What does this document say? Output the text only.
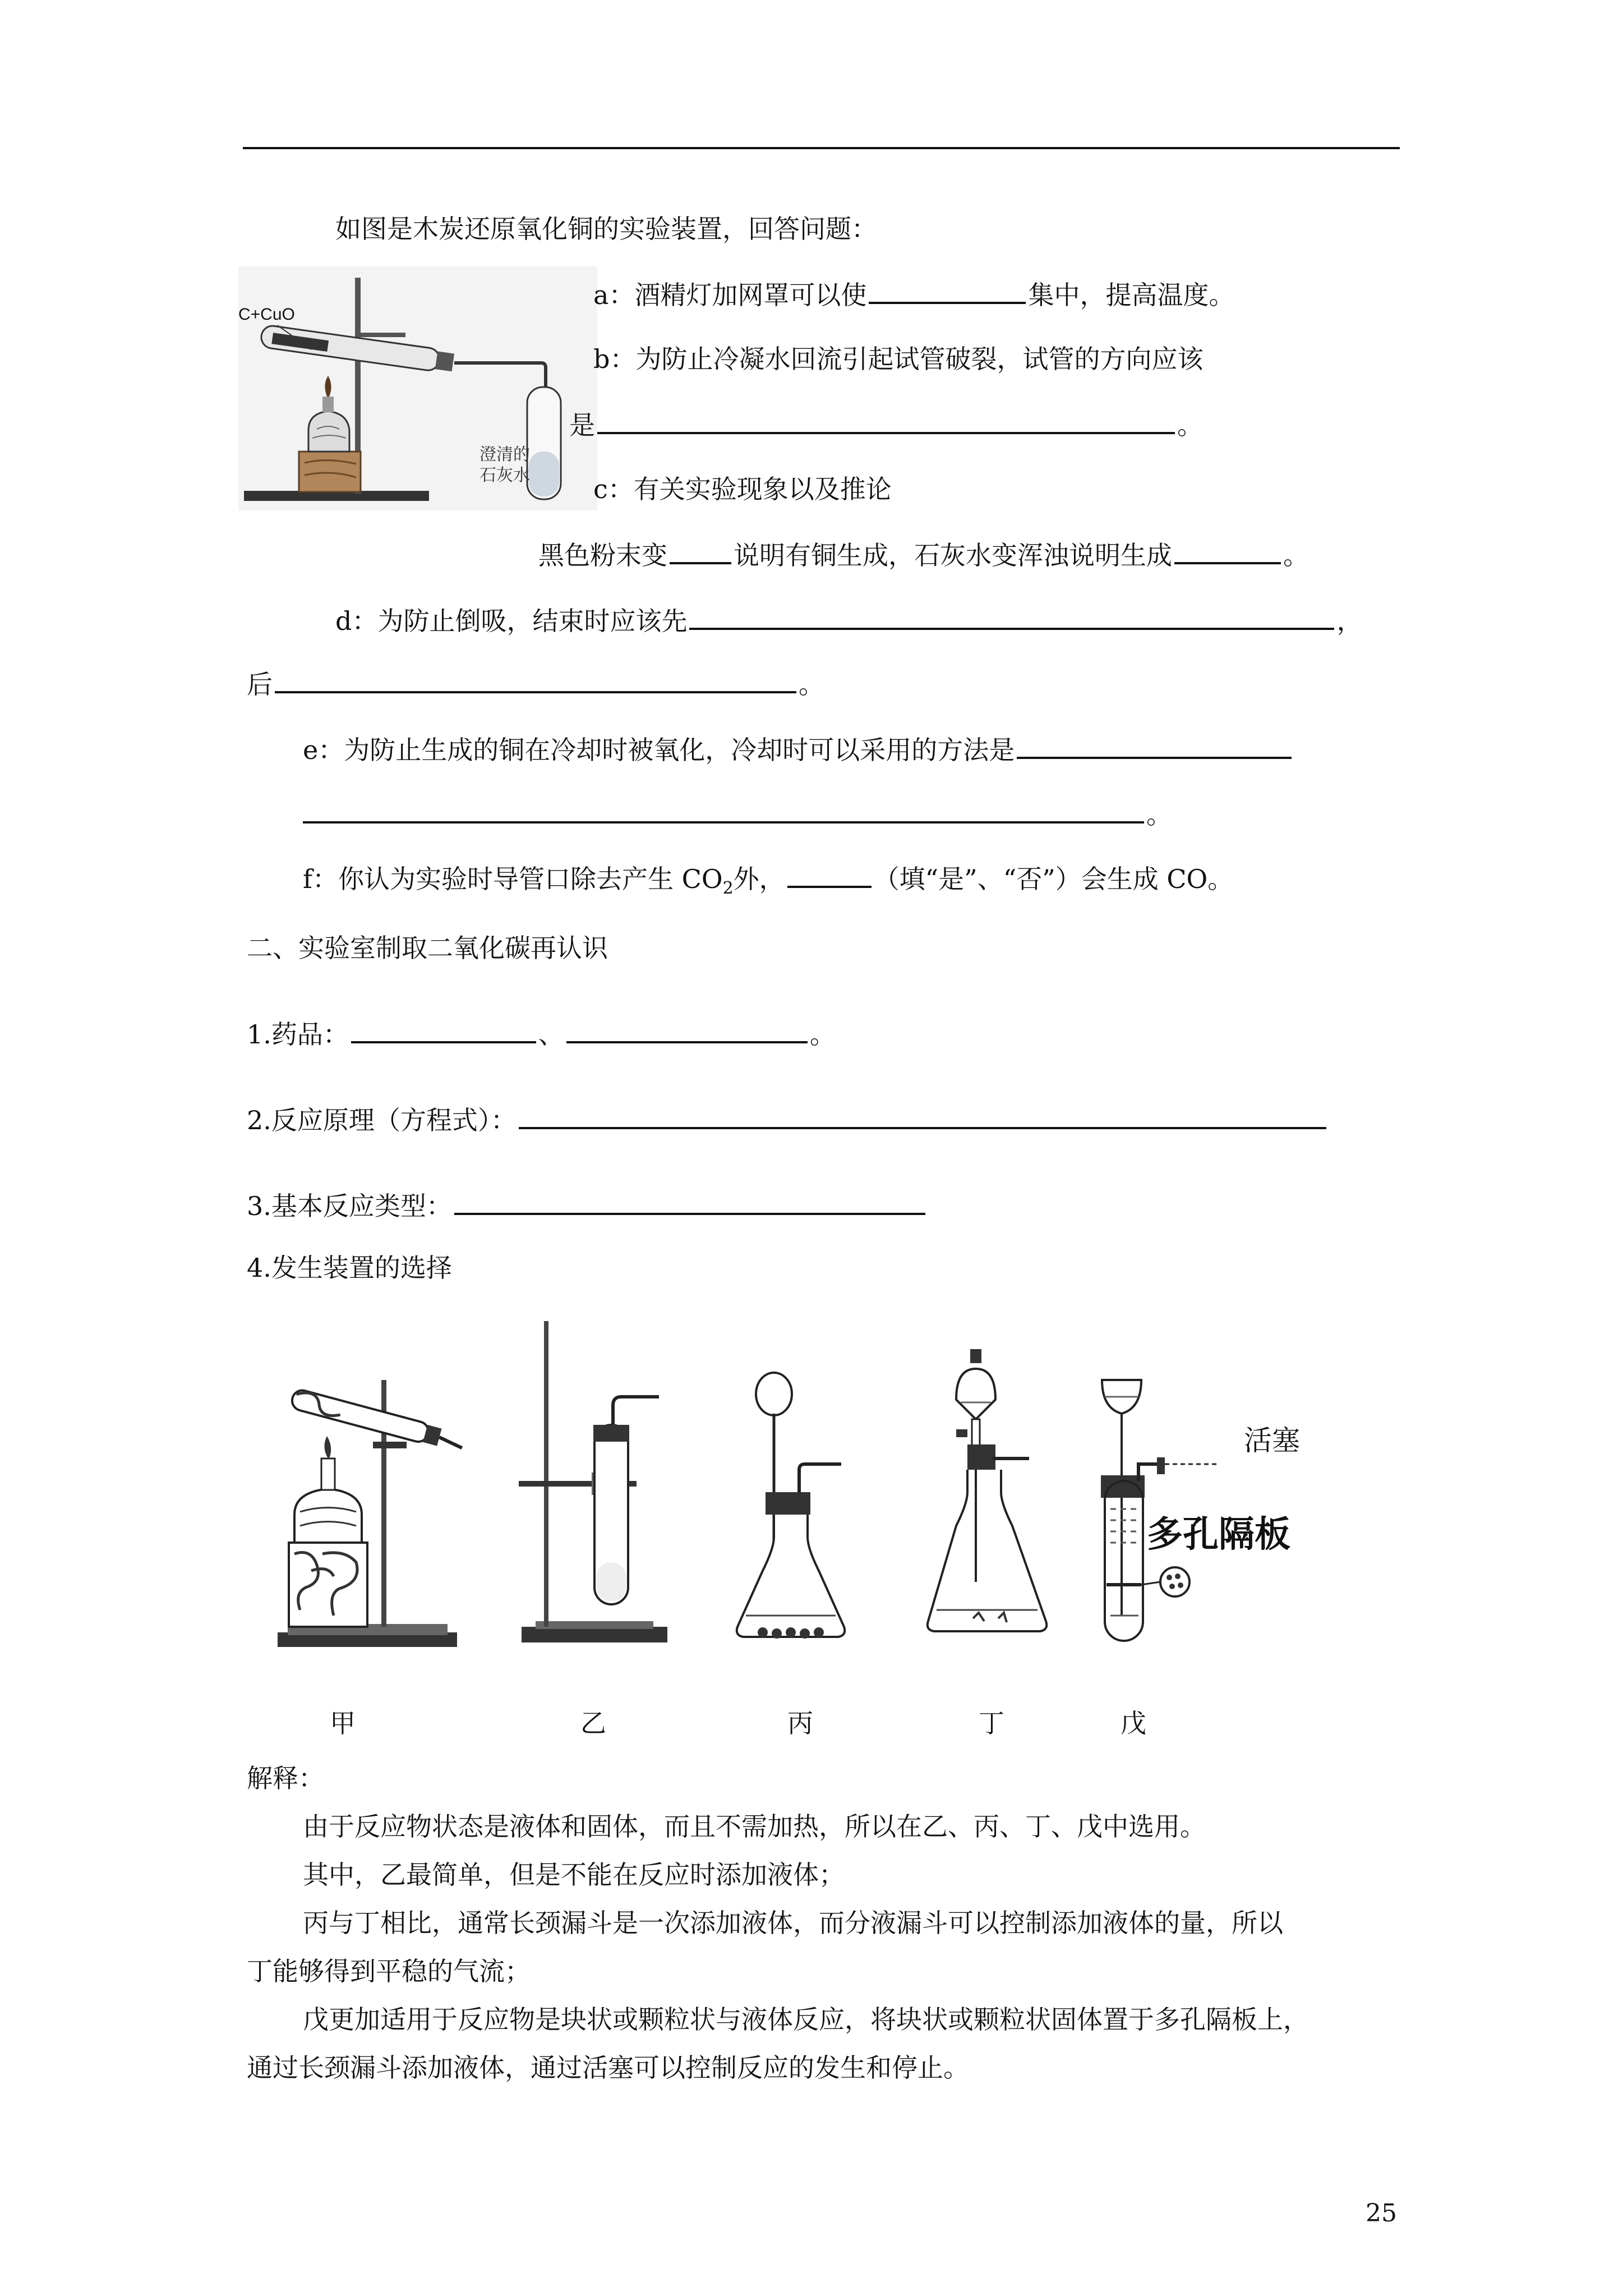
如图是木炭还原氧化铜的实验装置，回答问题：
C+CuO
澄清的
石灰水
a：酒精灯加网罩可以使	集中，提高温度。
b：为防止冷凝水回流引起试管破裂，试管的方向应该
是	。
c：有关实验现象以及推论
黑色粉末变	说明有铜生成，石灰水变浑浊说明生成	。
d：为防止倒吸，结束时应该先	，
后	。
e：为防止生成的铜在冷却时被氧化，冷却时可以采用的方法是
。
f：你认为实验时导管口除去产生 $CO_2$外，	（填“是”、“否”）会生成 CO。
二、实验室制取二氧化碳再认识
1.药品：	、	。
2.反应原理（方程式）：
3.基本反应类型：
4.发生装置的选择
活塞
多孔隔板
甲	乙	丙	丁	戊
解释：
由于反应物状态是液体和固体，而且不需加热，所以在乙、丙、丁、戊中选用。
其中，乙最简单，但是不能在反应时添加液体；
丙与丁相比，通常长颈漏斗是一次添加液体，而分液漏斗可以控制添加液体的量，所以
丁能够得到平稳的气流；
戊更加适用于反应物是块状或颗粒状与液体反应，将块状或颗粒状固体置于多孔隔板上，
通过长颈漏斗添加液体，通过活塞可以控制反应的发生和停止。
25
